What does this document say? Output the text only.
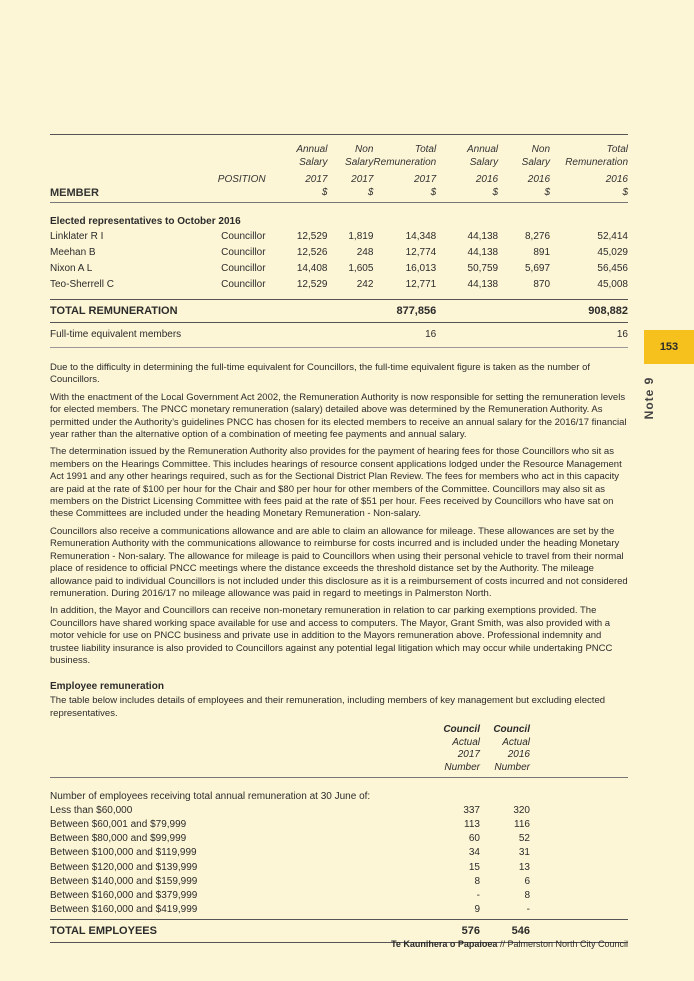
153
Note 9
		Annual	Non	Total	Annual	Non	Total
		Salary	Salary	Remuneration	Salary	Salary	Remuneration
	POSITION	2017	2017	2017	2016	2016	2016
MEMBER		$	$	$	$	$	$
Elected representatives to October 2016							
Linklater R I	Councillor	12,529	1,819	14,348	44,138	8,276	52,414
Meehan B	Councillor	12,526	248	12,774	44,138	891	45,029
Nixon A L	Councillor	14,408	1,605	16,013	50,759	5,697	56,456
Teo-Sherrell C	Councillor	12,529	242	12,771	44,138	870	45,008
TOTAL REMUNERATION				877,856			908,882
Full-time equivalent members				16			16

Due to the difficulty in determining the full-time equivalent for Councillors, the full-time equivalent figure is taken as the number of Councillors.

With the enactment of the Local Government Act 2002, the Remuneration Authority is now responsible for setting the remuneration levels for elected members. The PNCC monetary remuneration (salary) detailed above was determined by the Remuneration Authority. As permitted under the Authority’s guidelines PNCC has chosen for its elected members to receive an annual salary for the 2016/17 financial year rather than the alternative option of a combination of meeting fee payments and annual salary.

The determination issued by the Remuneration Authority also provides for the payment of hearing fees for those Councillors who sit as members on the Hearings Committee. This includes hearings of resource consent applications lodged under the Resource Management Act 1991 and any other hearings required, such as for the Sectional District Plan Review. The fees for members who act in this capacity are paid at the rate of $100 per hour for the Chair and $80 per hour for other members of the Committee. Councillors may also sit as members on the District Licensing Committee with fees paid at the rate of $51 per hour. Fees received by Councillors who have sat on these Committees are included under the heading Monetary Remuneration - Non-salary.

Councillors also receive a communications allowance and are able to claim an allowance for mileage. These allowances are set by the Remuneration Authority with the communications allowance to reimburse for costs incurred and is included under the heading Monetary Remuneration - Non-salary. The allowance for mileage is paid to Councillors when using their personal vehicle to travel from their normal place of residence to official PNCC meetings where the distance exceeds the threshold distance set by the Authority. The mileage allowance paid to individual Councillors is not included under this disclosure as it is a reimbursement of costs incurred and not considered remuneration. During 2016/17 no mileage allowance was paid in regard to meetings in Palmerston North.

In addition, the Mayor and Councillors can receive non-monetary remuneration in relation to car parking exemptions provided. The Councillors have shared working space available for use and access to computers. The Mayor, Grant Smith, was also provided with a motor vehicle for use on PNCC business and private use in addition to the Mayors remuneration above. Professional indemnity and trustee liability insurance is also provided to Councillors against any potential legal litigation which may occur while undertaking PNCC business.

Employee remuneration
The table below includes details of employees and their remuneration, including members of key management but excluding elected representatives.
	Council	Council	
	Actual	Actual	
	2017	2016	
	Number	Number	
Number of employees receiving total annual remuneration at 30 June of:			
Less than $60,000	337	320	
Between $60,001 and $79,999	113	116	
Between $80,000 and $99,999	60	52	
Between $100,000 and $119,999	34	31	
Between $120,000 and $139,999	15	13	
Between $140,000 and $159,999	8	6	
Between $160,000 and $379,999	-	8	
Between $160,000 and $419,999	9	-	
TOTAL EMPLOYEES	576	546	
Te Kaunihera o Papaioea // Palmerston North City Council
